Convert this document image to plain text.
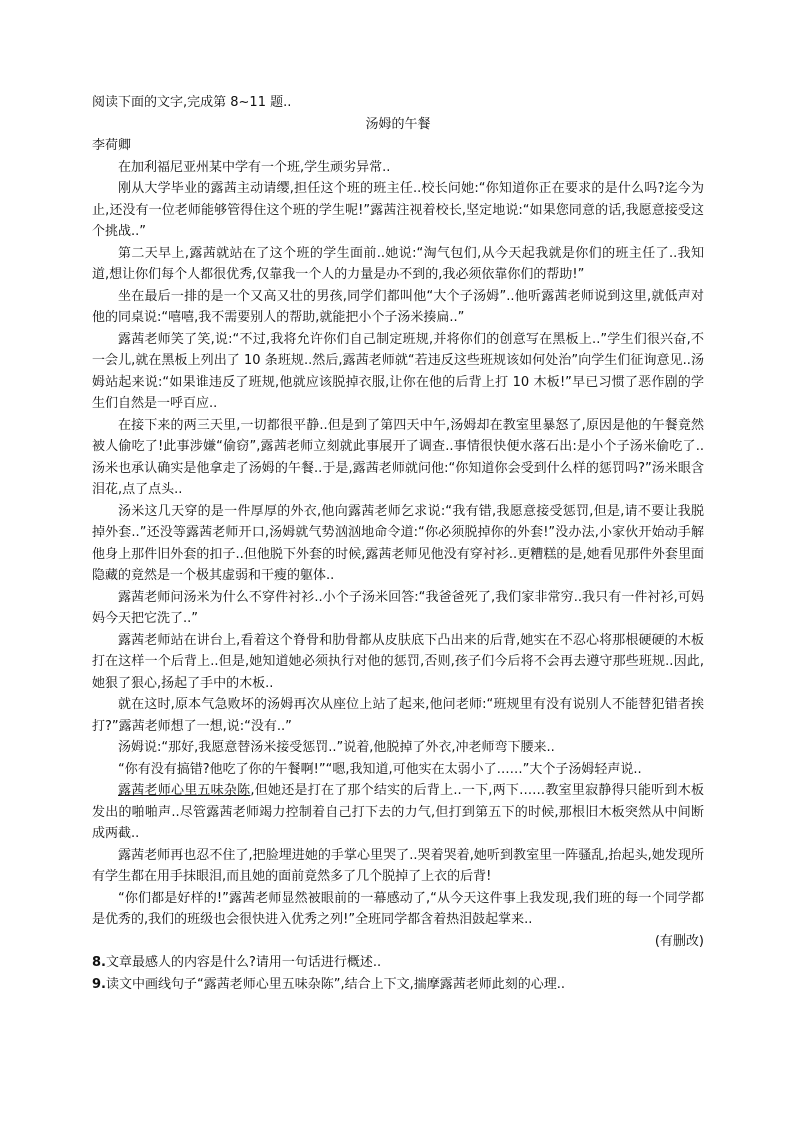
阅读下面的文字,完成第 8~11 题..
汤姆的午餐
李荷卿
在加利福尼亚州某中学有一个班,学生顽劣异常..
刚从大学毕业的露茜主动请缨,担任这个班的班主任..校长问她:“你知道你正在要求的是什么吗?迄今为止,还没有一位老师能够管得住这个班的学生呢!”露茜注视着校长,坚定地说:“如果您同意的话,我愿意接受这个挑战..”
第二天早上,露茜就站在了这个班的学生面前..她说:“淘气包们,从今天起我就是你们的班主任了..我知道,想让你们每个人都很优秀,仅靠我一个人的力量是办不到的,我必须依靠你们的帮助!”
坐在最后一排的是一个又高又壮的男孩,同学们都叫他“大个子汤姆”..他听露茜老师说到这里,就低声对他的同桌说:“嘻嘻,我不需要别人的帮助,就能把小个子汤米揍扁..”
露茜老师笑了笑,说:“不过,我将允许你们自己制定班规,并将你们的创意写在黑板上..”学生们很兴奋,不一会儿,就在黑板上列出了 10 条班规..然后,露茜老师就“若违反这些班规该如何处治”向学生们征询意见..汤姆站起来说:“如果谁违反了班规,他就应该脱掉衣服,让你在他的后背上打 10 木板!”早已习惯了恶作剧的学生们自然是一呼百应..
在接下来的两三天里,一切都很平静..但是到了第四天中午,汤姆却在教室里暴怒了,原因是他的午餐竟然被人偷吃了!此事涉嫌“偷窃”,露茜老师立刻就此事展开了调查..事情很快便水落石出:是小个子汤米偷吃了..汤米也承认确实是他拿走了汤姆的午餐..于是,露茜老师就问他:“你知道你会受到什么样的惩罚吗?”汤米眼含泪花,点了点头..
汤米这几天穿的是一件厚厚的外衣,他向露茜老师乞求说:“我有错,我愿意接受惩罚,但是,请不要让我脱掉外套..”还没等露茜老师开口,汤姆就气势汹汹地命令道:“你必须脱掉你的外套!”没办法,小家伙开始动手解他身上那件旧外套的扣子..但他脱下外套的时候,露茜老师见他没有穿衬衫..更糟糕的是,她看见那件外套里面隐藏的竟然是一个极其虚弱和干瘦的躯体..
露茜老师问汤米为什么不穿件衬衫..小个子汤米回答:“我爸爸死了,我们家非常穷..我只有一件衬衫,可妈妈今天把它洗了..”
露茜老师站在讲台上,看着这个脊骨和肋骨都从皮肤底下凸出来的后背,她实在不忍心将那根硬硬的木板打在这样一个后背上..但是,她知道她必须执行对他的惩罚,否则,孩子们今后将不会再去遵守那些班规..因此,她狠了狠心,扬起了手中的木板..
就在这时,原本气急败坏的汤姆再次从座位上站了起来,他问老师:“班规里有没有说别人不能替犯错者挨打?”露茜老师想了一想,说:“没有..”
汤姆说:“那好,我愿意替汤米接受惩罚..”说着,他脱掉了外衣,冲老师弯下腰来..
“你有没有搞错?他吃了你的午餐啊!”“嗯,我知道,可他实在太弱小了……”大个子汤姆轻声说..
露茜老师心里五味杂陈,但她还是打在了那个结实的后背上..一下,两下……教室里寂静得只能听到木板发出的啪啪声..尽管露茜老师竭力控制着自己打下去的力气,但打到第五下的时候,那根旧木板突然从中间断成两截..
露茜老师再也忍不住了,把脸埋进她的手掌心里哭了..哭着哭着,她听到教室里一阵骚乱,抬起头,她发现所有学生都在用手抹眼泪,而且她的面前竟然多了几个脱掉了上衣的后背!
“你们都是好样的!”露茜老师显然被眼前的一幕感动了,“从今天这件事上我发现,我们班的每一个同学都是优秀的,我们的班级也会很快进入优秀之列!”全班同学都含着热泪鼓起掌来..
(有删改)
8.文章最感人的内容是什么?请用一句话进行概述..
9.读文中画线句子“露茜老师心里五味杂陈”,结合上下文,揣摩露茜老师此刻的心理..
